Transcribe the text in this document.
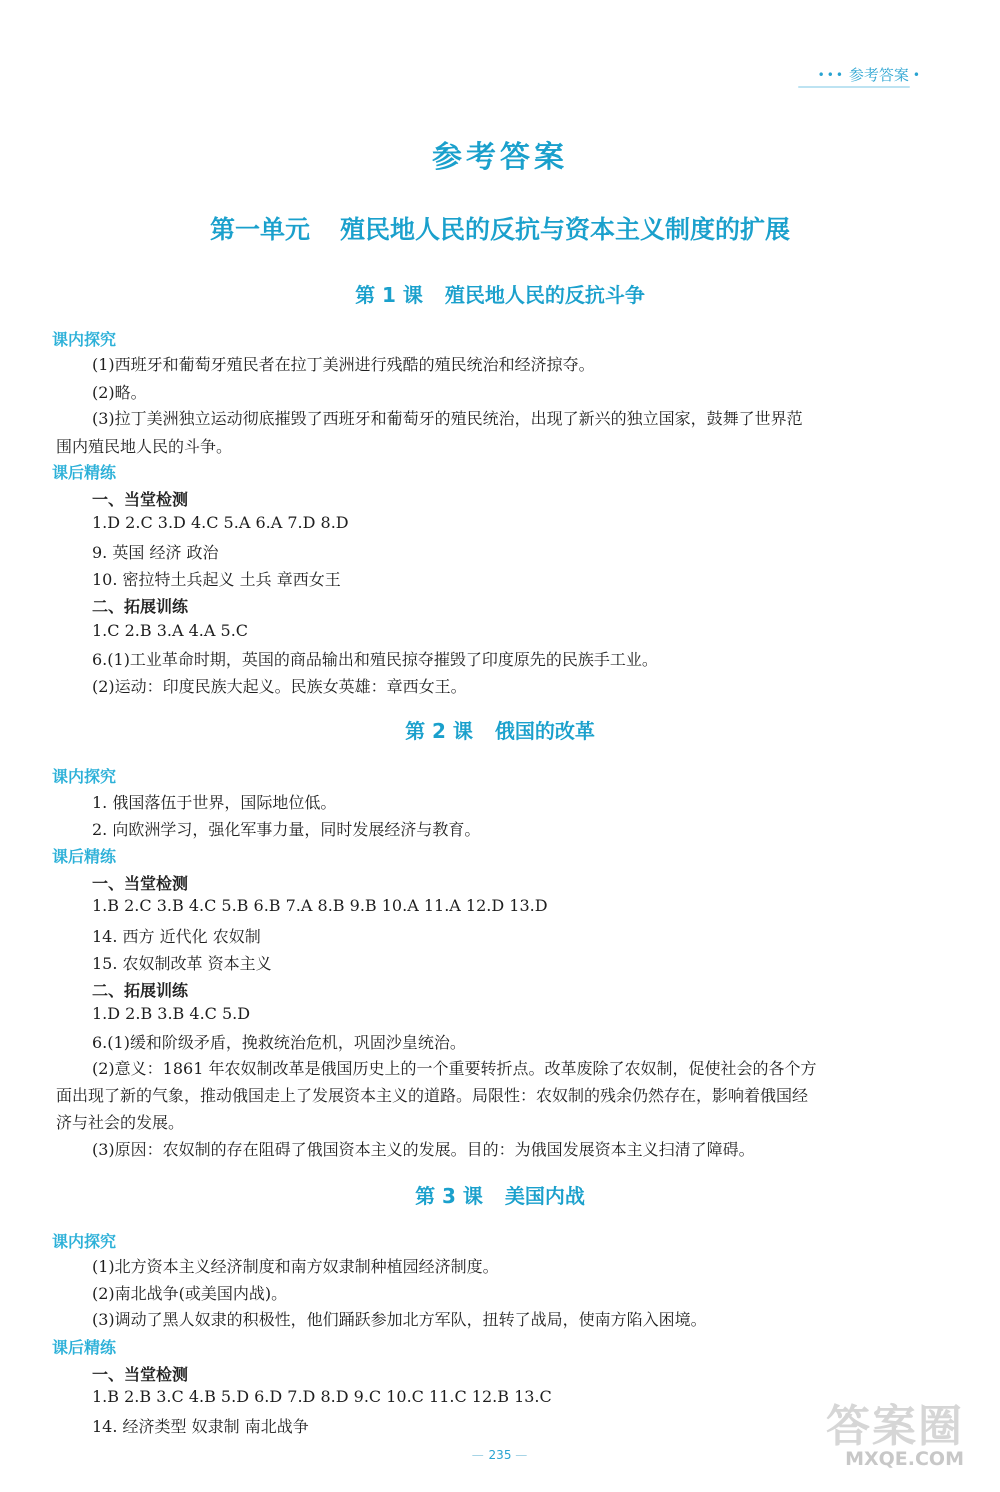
••• 参考答案 •
参考答案
第一单元 殖民地人民的反抗与资本主义制度的扩展
第 1 课 殖民地人民的反抗斗争
课内探究
(1)西班牙和葡萄牙殖民者在拉丁美洲进行残酷的殖民统治和经济掠夺。
(2)略。
(3)拉丁美洲独立运动彻底摧毁了西班牙和葡萄牙的殖民统治，出现了新兴的独立国家，鼓舞了世界范
围内殖民地人民的斗争。
课后精练
一、当堂检测
1.D 2.C 3.D 4.C 5.A 6.A 7.D 8.D
9. 英国 经济 政治
10. 密拉特土兵起义 土兵 章西女王
二、拓展训练
1.C 2.B 3.A 4.A 5.C
6.(1)工业革命时期，英国的商品输出和殖民掠夺摧毁了印度原先的民族手工业。
(2)运动：印度民族大起义。民族女英雄：章西女王。
第 2 课 俄国的改革
课内探究
1. 俄国落伍于世界，国际地位低。
2. 向欧洲学习，强化军事力量，同时发展经济与教育。
课后精练
一、当堂检测
1.B 2.C 3.B 4.C 5.B 6.B 7.A 8.B 9.B 10.A 11.A 12.D 13.D
14. 西方 近代化 农奴制
15. 农奴制改革 资本主义
二、拓展训练
1.D 2.B 3.B 4.C 5.D
6.(1)缓和阶级矛盾，挽救统治危机，巩固沙皇统治。
(2)意义：1861 年农奴制改革是俄国历史上的一个重要转折点。改革废除了农奴制，促使社会的各个方
面出现了新的气象，推动俄国走上了发展资本主义的道路。局限性：农奴制的残余仍然存在，影响着俄国经
济与社会的发展。
(3)原因：农奴制的存在阻碍了俄国资本主义的发展。目的：为俄国发展资本主义扫清了障碍。
第 3 课 美国内战
课内探究
(1)北方资本主义经济制度和南方奴隶制种植园经济制度。
(2)南北战争(或美国内战)。
(3)调动了黑人奴隶的积极性，他们踊跃参加北方军队，扭转了战局，使南方陷入困境。
课后精练
一、当堂检测
1.B 2.B 3.C 4.B 5.D 6.D 7.D 8.D 9.C 10.C 11.C 12.B 13.C
14. 经济类型 奴隶制 南北战争
— 235 —
答案圈
MXQE.COM
